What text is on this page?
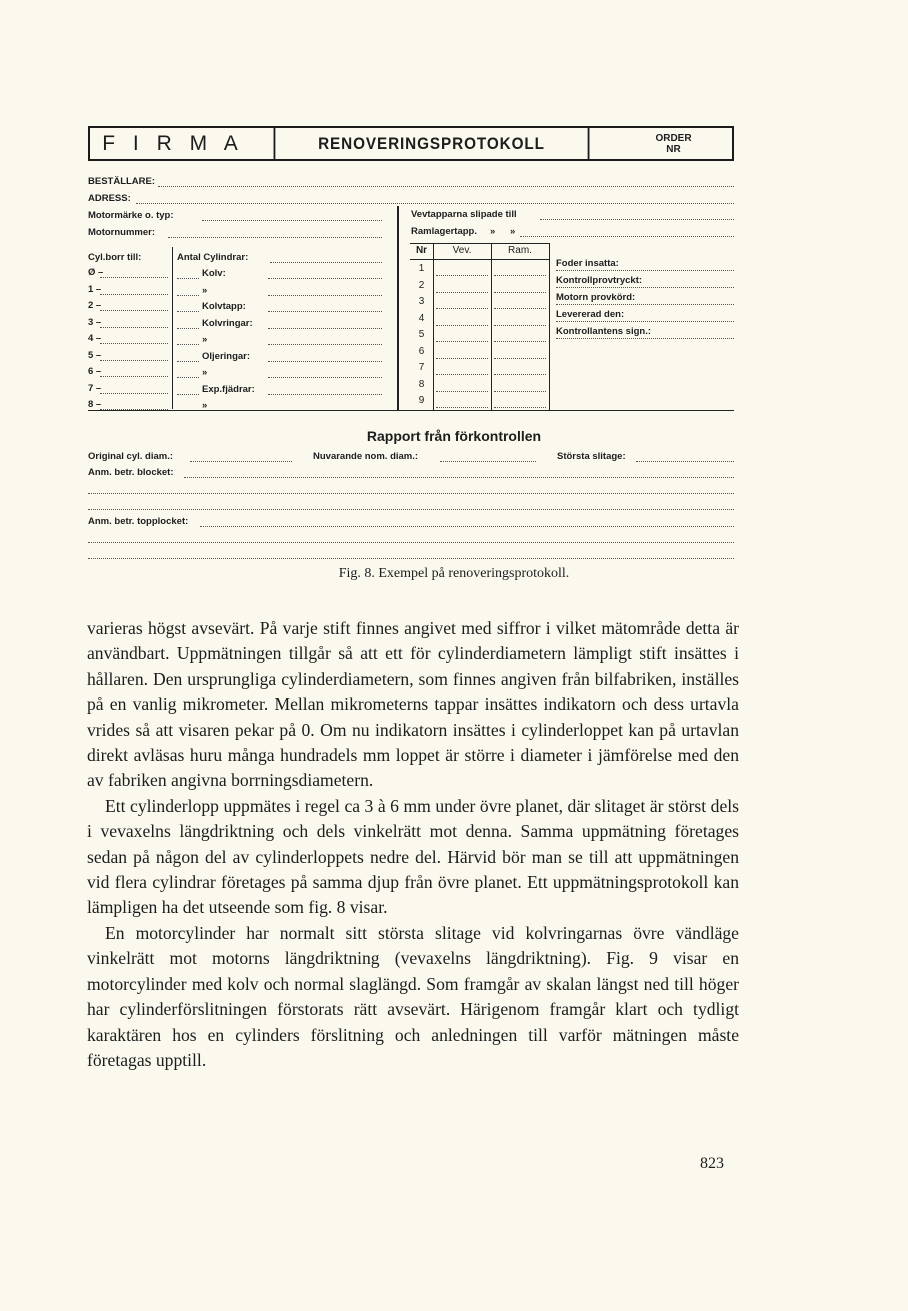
F I R M A	RENOVERINGSPROTOKOLL	ORDER
NR
BESTÄLLARE:
ADRESS:
Motormärke o. typ:
Motornummer:
Vevtapparna slipade till
Ramlagertapp. » »
Cyl.borr till:
Ø –
1 –
2 –
3 –
4 –
5 –
6 –
7 –
8 –
Antal Cylindrar:
Kolv:
»
Kolvtapp:
Kolvringar:
»
Oljeringar:
»
Exp.fjädrar:
»
Nr	Vev.	Ram.
1
2
3
4
5
6
7
8
9
Foder insatta:
Kontrollprovtryckt:
Motorn provkörd:
Levererad den:
Kontrollantens sign.:
Rapport från förkontrollen
Original cyl. diam.:	Nuvarande nom. diam.:	Största slitage:
Anm. betr. blocket:
Anm. betr. topplocket:
Fig. 8. Exempel på renoveringsprotokoll.

varieras högst avsevärt. På varje stift finnes angivet med siffror i vilket mätområde detta är användbart. Uppmätningen tillgår så att ett för cylinderdiametern lämpligt stift insättes i hållaren. Den ursprungliga cylinderdiametern, som finnes angiven från bilfabriken, inställes på en vanlig mikrometer. Mellan mikrometerns tappar insättes indikatorn och dess urtavla vrides så att visaren pekar på 0. Om nu indikatorn insättes i cylinderloppet kan på urtavlan direkt avläsas huru många hundradels mm loppet är större i diameter i jämförelse med den av fabriken angivna borrningsdiametern.

Ett cylinderlopp uppmätes i regel ca 3 à 6 mm under övre planet, där slitaget är störst dels i vevaxelns längdriktning och dels vinkelrätt mot denna. Samma uppmätning företages sedan på någon del av cylinderloppets nedre del. Härvid bör man se till att uppmätningen vid flera cylindrar företages på samma djup från övre planet. Ett uppmätningsprotokoll kan lämpligen ha det utseende som fig. 8 visar.

En motorcylinder har normalt sitt största slitage vid kolvringarnas övre vändläge vinkelrätt mot motorns längdriktning (vevaxelns längdriktning). Fig. 9 visar en motorcylinder med kolv och normal slaglängd. Som framgår av skalan längst ned till höger har cylinderförslitningen förstorats rätt avsevärt. Härigenom framgår klart och tydligt karaktären hos en cylinders förslitning och anledningen till varför mätningen måste företagas upptill.

823
